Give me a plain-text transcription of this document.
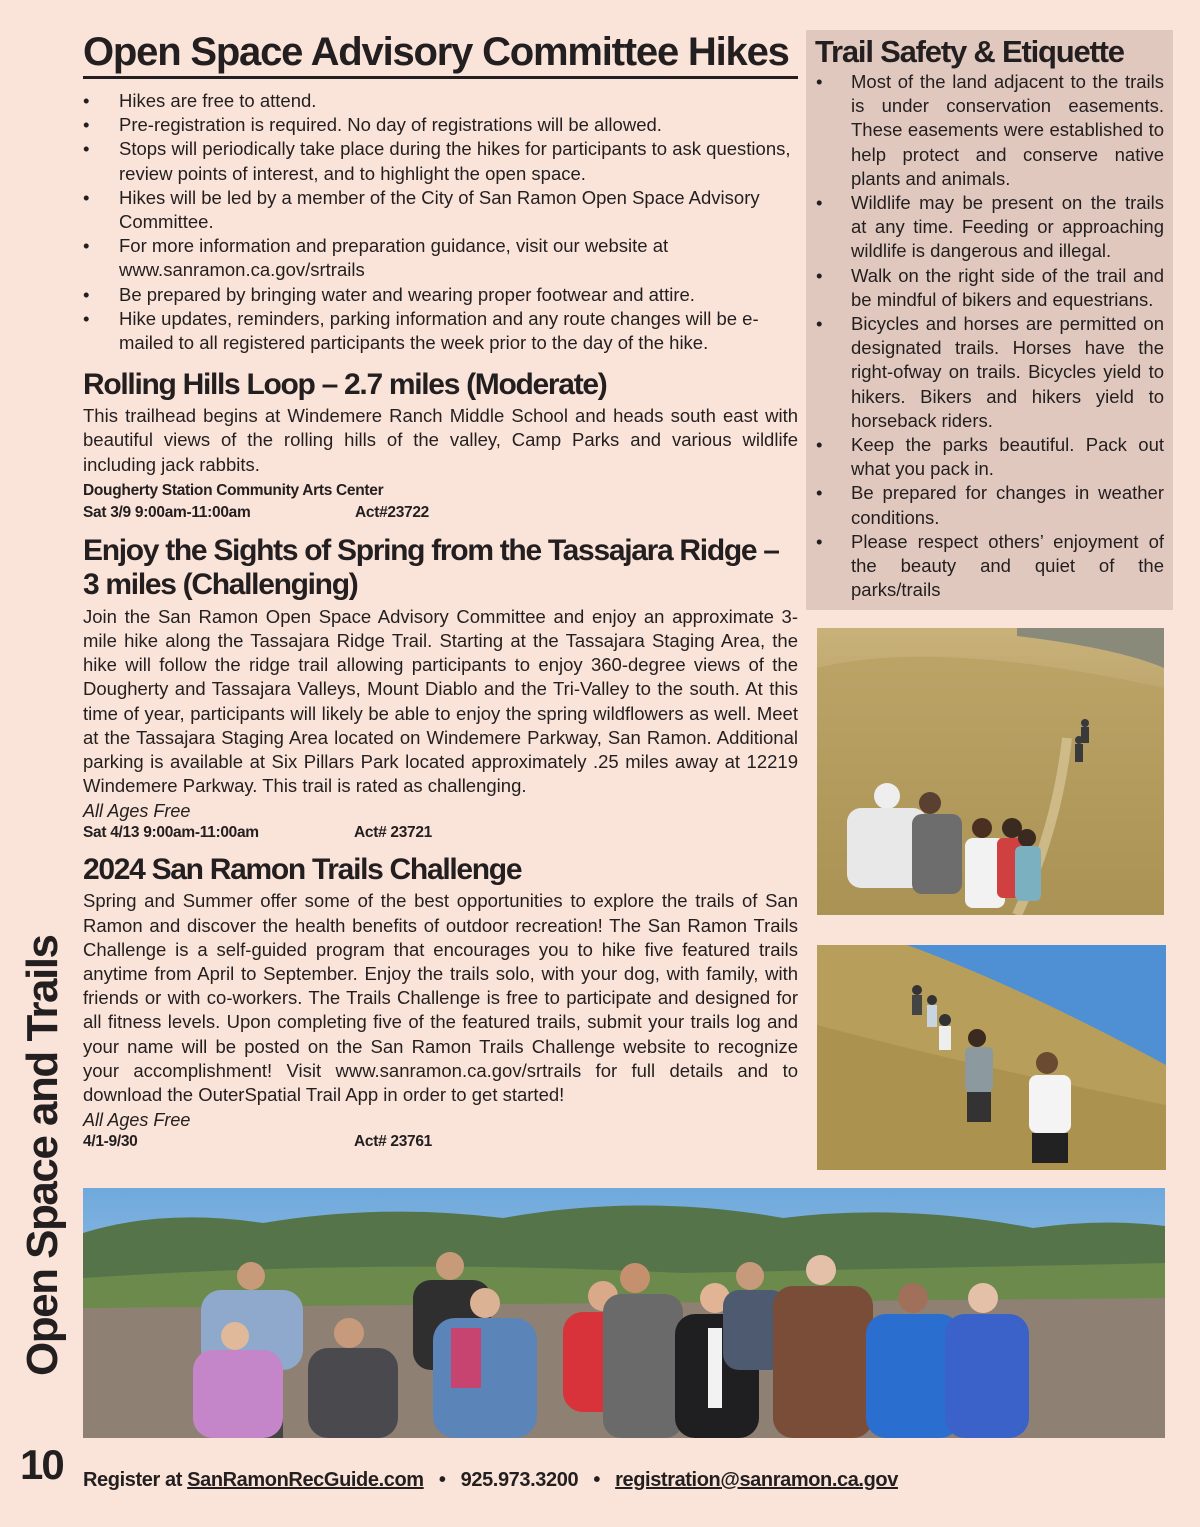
Open Space Advisory Committee Hikes
• Hikes are free to attend.
• Pre-registration is required. No day of registrations will be allowed.
• Stops will periodically take place during the hikes for participants to ask questions, review points of interest, and to highlight the open space.
• Hikes will be led by a member of the City of San Ramon Open Space Advisory Committee.
• For more information and preparation guidance, visit our website at www.sanramon.ca.gov/srtrails
• Be prepared by bringing water and wearing proper footwear and attire.
• Hike updates, reminders, parking information and any route changes will be e-mailed to all registered participants the week prior to the day of the hike.
Rolling Hills Loop – 2.7 miles (Moderate)

This trailhead begins at Windemere Ranch Middle School and heads south east with beautiful views of the rolling hills of the valley, Camp Parks and various wildlife including jack rabbits.

Dougherty Station Community Arts Center
Sat 3/9 9:00am-11:00am	Act#23722
Enjoy the Sights of Spring from the Tassajara Ridge – 3 miles (Challenging)

Join the San Ramon Open Space Advisory Committee and enjoy an approximate 3-mile hike along the Tassajara Ridge Trail. Starting at the Tassajara Staging Area, the hike will follow the ridge trail allowing participants to enjoy 360-degree views of the Dougherty and Tassajara Valleys, Mount Diablo and the Tri-Valley to the south. At this time of year, participants will likely be able to enjoy the spring wildflowers as well. Meet at the Tassajara Staging Area located on Windemere Parkway, San Ramon. Additional parking is available at Six Pillars Park located approximately .25 miles away at 12219 Windemere Parkway. This trail is rated as challenging.

All Ages Free
Sat 4/13 9:00am-11:00am	Act# 23721
2024 San Ramon Trails Challenge

Spring and Summer offer some of the best opportunities to explore the trails of San Ramon and discover the health benefits of outdoor recreation! The San Ramon Trails Challenge is a self-guided program that encourages you to hike five featured trails anytime from April to September. Enjoy the trails solo, with your dog, with family, with friends or with co-workers. The Trails Challenge is free to participate and designed for all fitness levels. Upon completing five of the featured trails, submit your trails log and your name will be posted on the San Ramon Trails Challenge website to recognize your accomplishment! Visit www.sanramon.ca.gov/srtrails for full details and to download the OuterSpatial Trail App in order to get started!

All Ages Free
4/1-9/30	Act# 23761
Trail Safety & Etiquette
• Most of the land adjacent to the trails is under conservation easements. These easements were established to help protect and conserve native plants and animals.
• Wildlife may be present on the trails at any time. Feeding or approaching wildlife is dangerous and illegal.
• Walk on the right side of the trail and be mindful of bikers and equestrians.
• Bicycles and horses are permitted on designated trails. Horses have the right-ofway on trails. Bicycles yield to hikers. Bikers and hikers yield to horseback riders.
• Keep the parks beautiful. Pack out what you pack in.
• Be prepared for changes in weather conditions.
• Please respect others’ enjoyment of the beauty and quiet of the parks/trails
Open Space and Trails
10 Register at SanRamonRecGuide.com • 925.973.3200 • registration@sanramon.ca.gov
